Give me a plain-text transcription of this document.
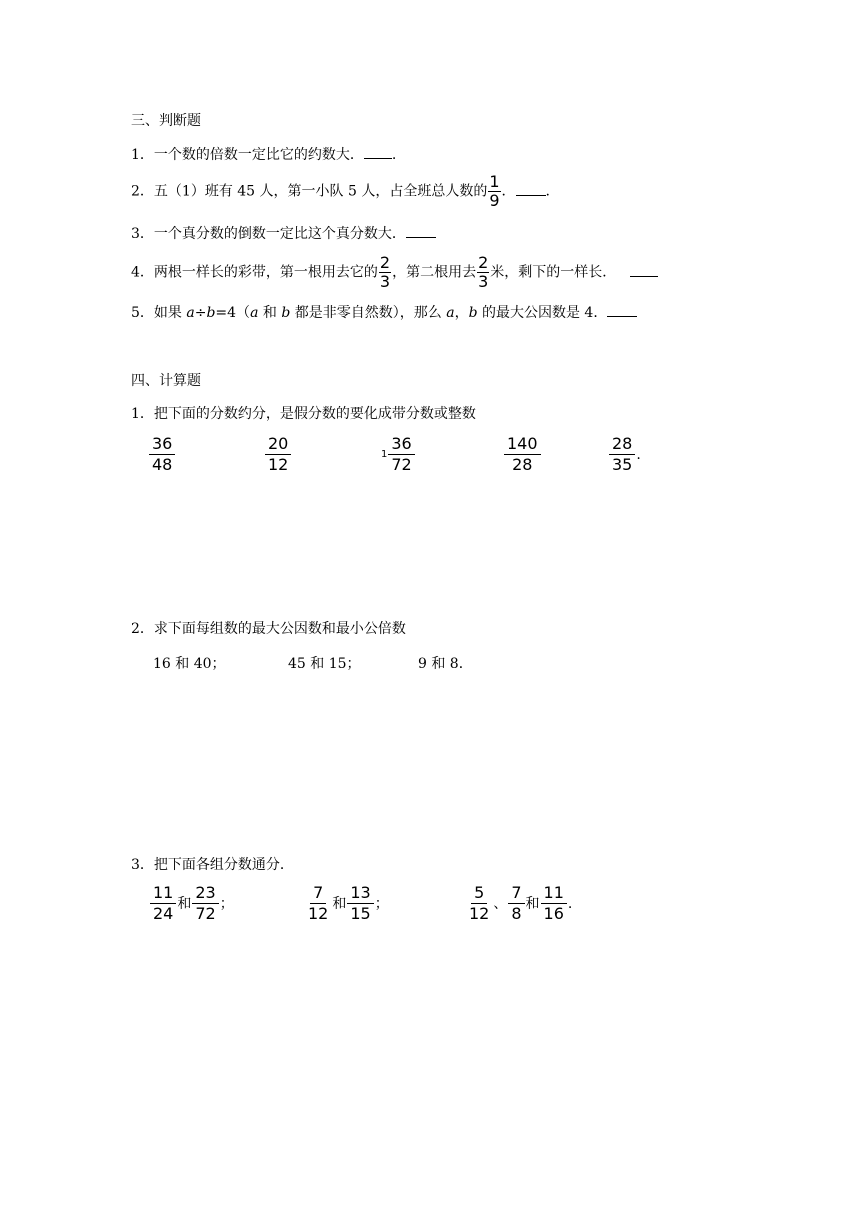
三、判断题
1．一个数的倍数一定比它的约数大． .
2．五（1）班有 45 人，第一小队 5 人，占全班总人数的 $\frac{1}{9}$ ． .
3．一个真分数的倒数一定比这个真分数大．
4．两根一样长的彩带，第一根用去它的 $\frac{2}{3}$ ，第二根用去 $\frac{2}{3}$ 米，剩下的一样长．
5．如果 a÷b=4（a 和 b 都是非零自然数），那么 a，b 的最大公因数是 4．
四、计算题
1．把下面的分数约分，是假分数的要化成带分数或整数
$\frac{36}{48}$	$\frac{20}{12}$	$1 \frac{36}{72}$	$\frac{140}{28}$	$\frac{28}{35}$ .
2．求下面每组数的最大公因数和最小公倍数
16 和 40；	45 和 15；	9 和 8．
3．把下面各组分数通分．
$\frac{11}{24}$ 和 $\frac{23}{72}$ ；	$\frac{7}{12}$ 和 $\frac{13}{15}$ ；	$\frac{5}{12}$ 、 $\frac{7}{8}$ 和 $\frac{11}{16}$ .
